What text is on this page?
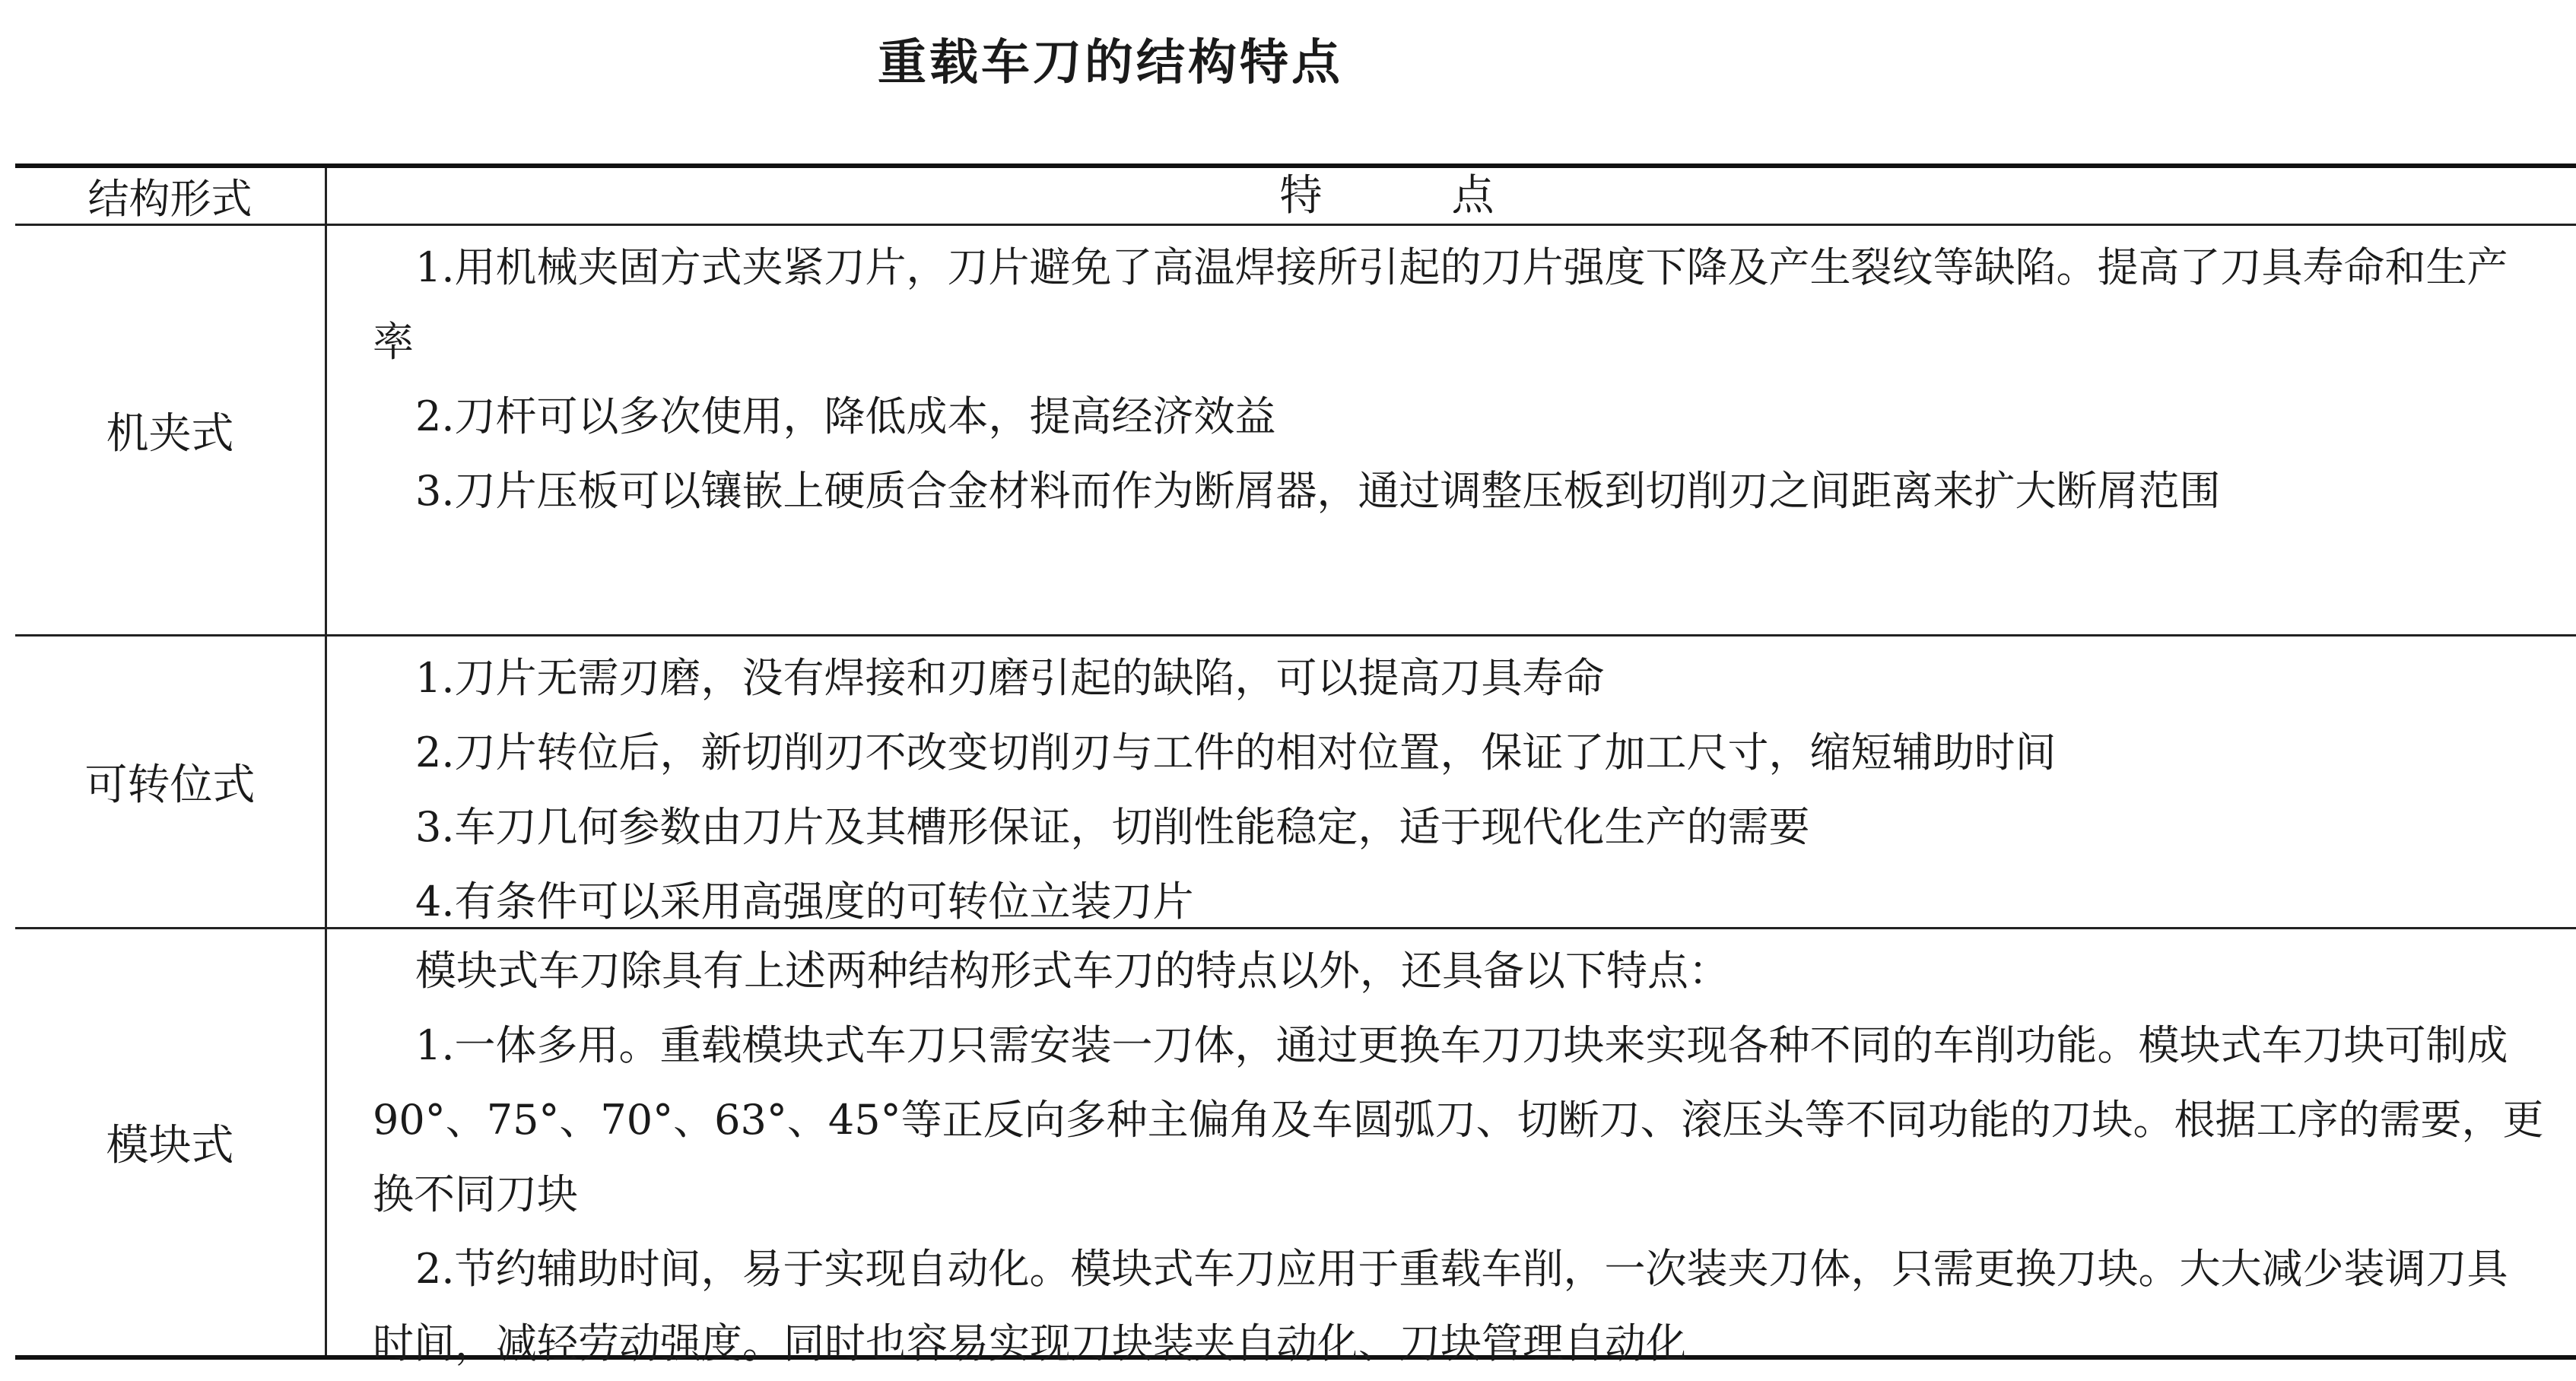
重载车刀的结构特点
结构形式	特点
机夹式

1.用机械夹固方式夹紧刀片，刀片避免了高温焊接所引起的刀片强度下降及产生裂纹等缺陷。提高了刀具寿命和生产率

2.刀杆可以多次使用，降低成本，提高经济效益

3.刀片压板可以镶嵌上硬质合金材料而作为断屑器，通过调整压板到切削刃之间距离来扩大断屑范围

可转位式

1.刀片无需刃磨，没有焊接和刃磨引起的缺陷，可以提高刀具寿命

2.刀片转位后，新切削刃不改变切削刃与工件的相对位置，保证了加工尺寸，缩短辅助时间

3.车刀几何参数由刀片及其槽形保证，切削性能稳定，适于现代化生产的需要

4.有条件可以采用高强度的可转位立装刀片

模块式

模块式车刀除具有上述两种结构形式车刀的特点以外，还具备以下特点：

1.一体多用。重载模块式车刀只需安装一刀体，通过更换车刀刀块来实现各种不同的车削功能。模块式车刀块可制成90°、75°、70°、63°、45°等正反向多种主偏角及车圆弧刀、切断刀、滚压头等不同功能的刀块。根据工序的需要，更换不同刀块

2.节约辅助时间，易于实现自动化。模块式车刀应用于重载车削，一次装夹刀体，只需更换刀块。大大减少装调刀具时间，减轻劳动强度。同时也容易实现刀块装夹自动化、刀块管理自动化
